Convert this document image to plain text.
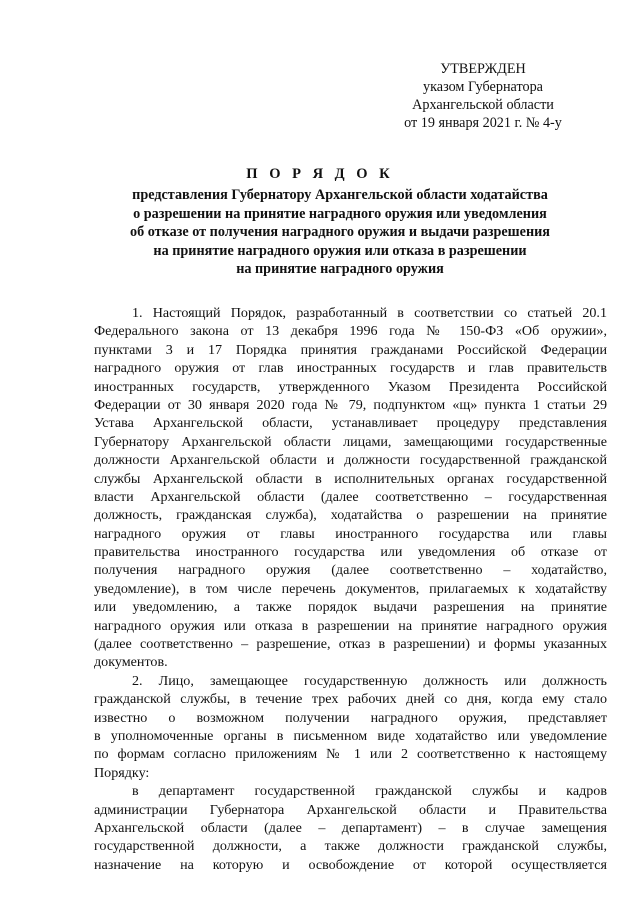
УТВЕРЖДЕН
указом Губернатора
Архангельской области
от 19 января 2021 г. № 4-у
П О Р Я Д О К
представления Губернатору Архангельской области ходатайства
о разрешении на принятие наградного оружия или уведомления
об отказе от получения наградного оружия и выдачи разрешения
на принятие наградного оружия или отказа в разрешении
на принятие наградного оружия
1. Настоящий Порядок, разработанный в соответствии со статьей 20.1
Федерального закона от 13 декабря 1996 года № 150-ФЗ «Об оружии»,
пунктами 3 и 17 Порядка принятия гражданами Российской Федерации
наградного оружия от глав иностранных государств и глав правительств
иностранных государств, утвержденного Указом Президента Российской
Федерации от 30 января 2020 года № 79, подпунктом «щ» пункта 1 статьи 29
Устава Архангельской области, устанавливает процедуру представления
Губернатору Архангельской области лицами, замещающими государственные
должности Архангельской области и должности государственной гражданской
службы Архангельской области в исполнительных органах государственной
власти Архангельской области (далее соответственно – государственная
должность, гражданская служба), ходатайства о разрешении на принятие
наградного оружия от главы иностранного государства или главы
правительства иностранного государства или уведомления об отказе от
получения наградного оружия (далее соответственно – ходатайство,
уведомление), в том числе перечень документов, прилагаемых к ходатайству
или уведомлению, а также порядок выдачи разрешения на принятие
наградного оружия или отказа в разрешении на принятие наградного оружия
(далее соответственно – разрешение, отказ в разрешении) и формы указанных
документов.
2. Лицо, замещающее государственную должность или должность
гражданской службы, в течение трех рабочих дней со дня, когда ему стало
известно о возможном получении наградного оружия, представляет
в уполномоченные органы в письменном виде ходатайство или уведомление
по формам согласно приложениям № 1 или 2 соответственно к настоящему
Порядку:
в департамент государственной гражданской службы и кадров
администрации Губернатора Архангельской области и Правительства
Архангельской области (далее – департамент) – в случае замещения
государственной должности, а также должности гражданской службы,
назначение на которую и освобождение от которой осуществляется
